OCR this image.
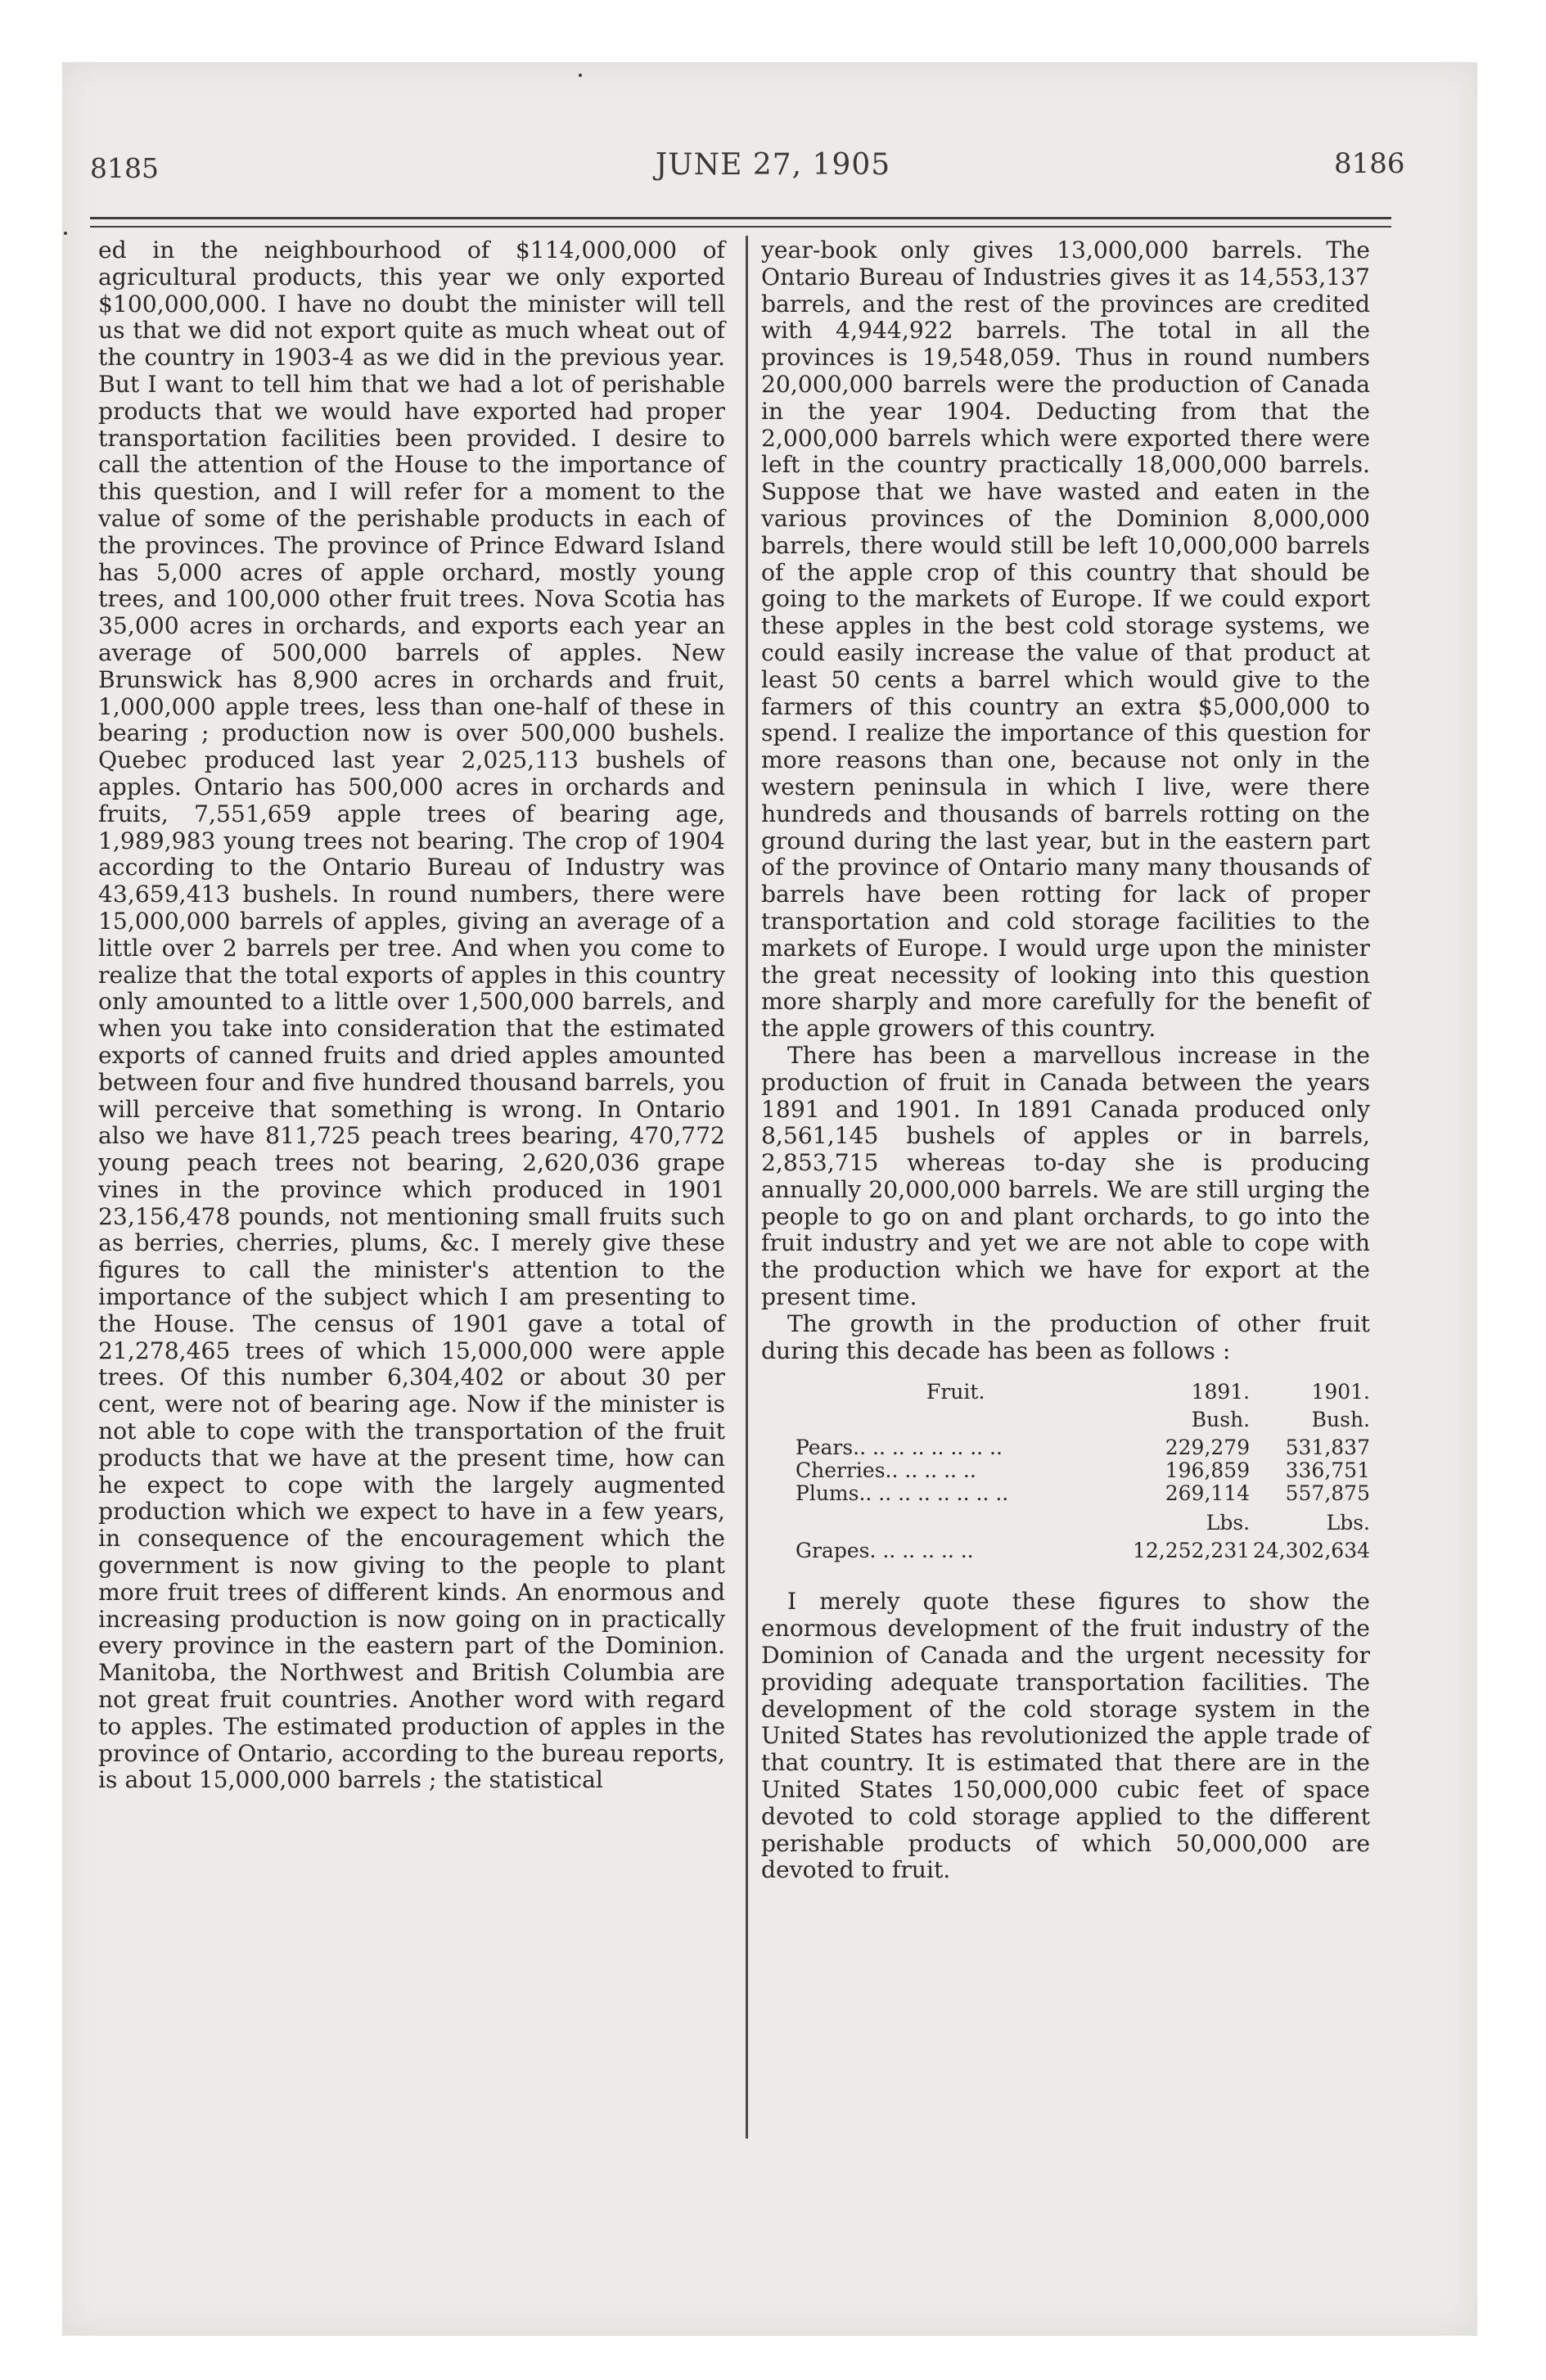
8185	JUNE 27, 1905	8186

ed in the neighbourhood of $114,000,000 of agricultural products, this year we only exported $100,000,000. I have no doubt the minister will tell us that we did not export quite as much wheat out of the country in 1903-4 as we did in the previous year. But I want to tell him that we had a lot of perishable products that we would have exported had proper transportation facilities been provided. I desire to call the attention of the House to the importance of this question, and I will refer for a moment to the value of some of the perishable products in each of the provinces. The province of Prince Edward Island has 5,000 acres of apple orchard, mostly young trees, and 100,000 other fruit trees. Nova Scotia has 35,000 acres in orchards, and exports each year an average of 500,000 barrels of apples. New Brunswick has 8,900 acres in orchards and fruit, 1,000,000 apple trees, less than one-half of these in bearing ; production now is over 500,000 bushels. Quebec produced last year 2,025,113 bushels of apples. Ontario has 500,000 acres in orchards and fruits, 7,551,659 apple trees of bearing age, 1,989,983 young trees not bearing. The crop of 1904 according to the Ontario Bureau of Industry was 43,659,413 bushels. In round numbers, there were 15,000,000 barrels of apples, giving an average of a little over 2 barrels per tree. And when you come to realize that the total exports of apples in this country only amounted to a little over 1,500,000 barrels, and when you take into consideration that the estimated exports of canned fruits and dried apples amounted between four and five hundred thousand barrels, you will perceive that something is wrong. In Ontario also we have 811,725 peach trees bearing, 470,772 young peach trees not bearing, 2,620,036 grape vines in the province which produced in 1901 23,156,478 pounds, not mentioning small fruits such as berries, cherries, plums, &c. I merely give these figures to call the minister's attention to the importance of the subject which I am presenting to the House. The census of 1901 gave a total of 21,278,465 trees of which 15,000,000 were apple trees. Of this number 6,304,402 or about 30 per cent, were not of bearing age. Now if the minister is not able to cope with the transportation of the fruit products that we have at the present time, how can he expect to cope with the largely augmented production which we expect to have in a few years, in consequence of the encouragement which the government is now giving to the people to plant more fruit trees of different kinds. An enormous and increasing production is now going on in practically every province in the eastern part of the Dominion. Manitoba, the Northwest and British Columbia are not great fruit countries. Another word with regard to apples. The estimated production of apples in the province of Ontario, according to the bureau reports, is about 15,000,000 barrels ; the statistical

year-book only gives 13,000,000 barrels. The Ontario Bureau of Industries gives it as 14,553,137 barrels, and the rest of the provinces are credited with 4,944,922 barrels. The total in all the provinces is 19,548,059. Thus in round numbers 20,000,000 barrels were the production of Canada in the year 1904. Deducting from that the 2,000,000 barrels which were exported there were left in the country practically 18,000,000 barrels. Suppose that we have wasted and eaten in the various provinces of the Dominion 8,000,000 barrels, there would still be left 10,000,000 barrels of the apple crop of this country that should be going to the markets of Europe. If we could export these apples in the best cold storage systems, we could easily increase the value of that product at least 50 cents a barrel which would give to the farmers of this country an extra $5,000,000 to spend. I realize the importance of this question for more reasons than one, because not only in the western peninsula in which I live, were there hundreds and thousands of barrels rotting on the ground during the last year, but in the eastern part of the province of Ontario many many thousands of barrels have been rotting for lack of proper transportation and cold storage facilities to the markets of Europe. I would urge upon the minister the great necessity of looking into this question more sharply and more carefully for the benefit of the apple growers of this country.

There has been a marvellous increase in the production of fruit in Canada between the years 1891 and 1901. In 1891 Canada produced only 8,561,145 bushels of apples or in barrels, 2,853,715 whereas to-day she is producing annually 20,000,000 barrels. We are still urging the people to go on and plant orchards, to go into the fruit industry and yet we are not able to cope with the production which we have for export at the present time.

The growth in the production of other fruit during this decade has been as follows :

Fruit.	1891.	1901.
	Bush.	Bush.
Pears.. .. .. .. .. .. .. ..	229,279	531,837
Cherries.. .. .. .. ..	196,859	336,751
Plums.. .. .. .. .. .. .. ..	269,114	557,875
	Lbs.	Lbs.
Grapes. .. .. .. .. ..	12,252,231	24,302,634

I merely quote these figures to show the enormous development of the fruit industry of the Dominion of Canada and the urgent necessity for providing adequate transportation facilities. The development of the cold storage system in the United States has revolutionized the apple trade of that country. It is estimated that there are in the United States 150,000,000 cubic feet of space devoted to cold storage applied to the different perishable products of which 50,000,000 are devoted to fruit.
